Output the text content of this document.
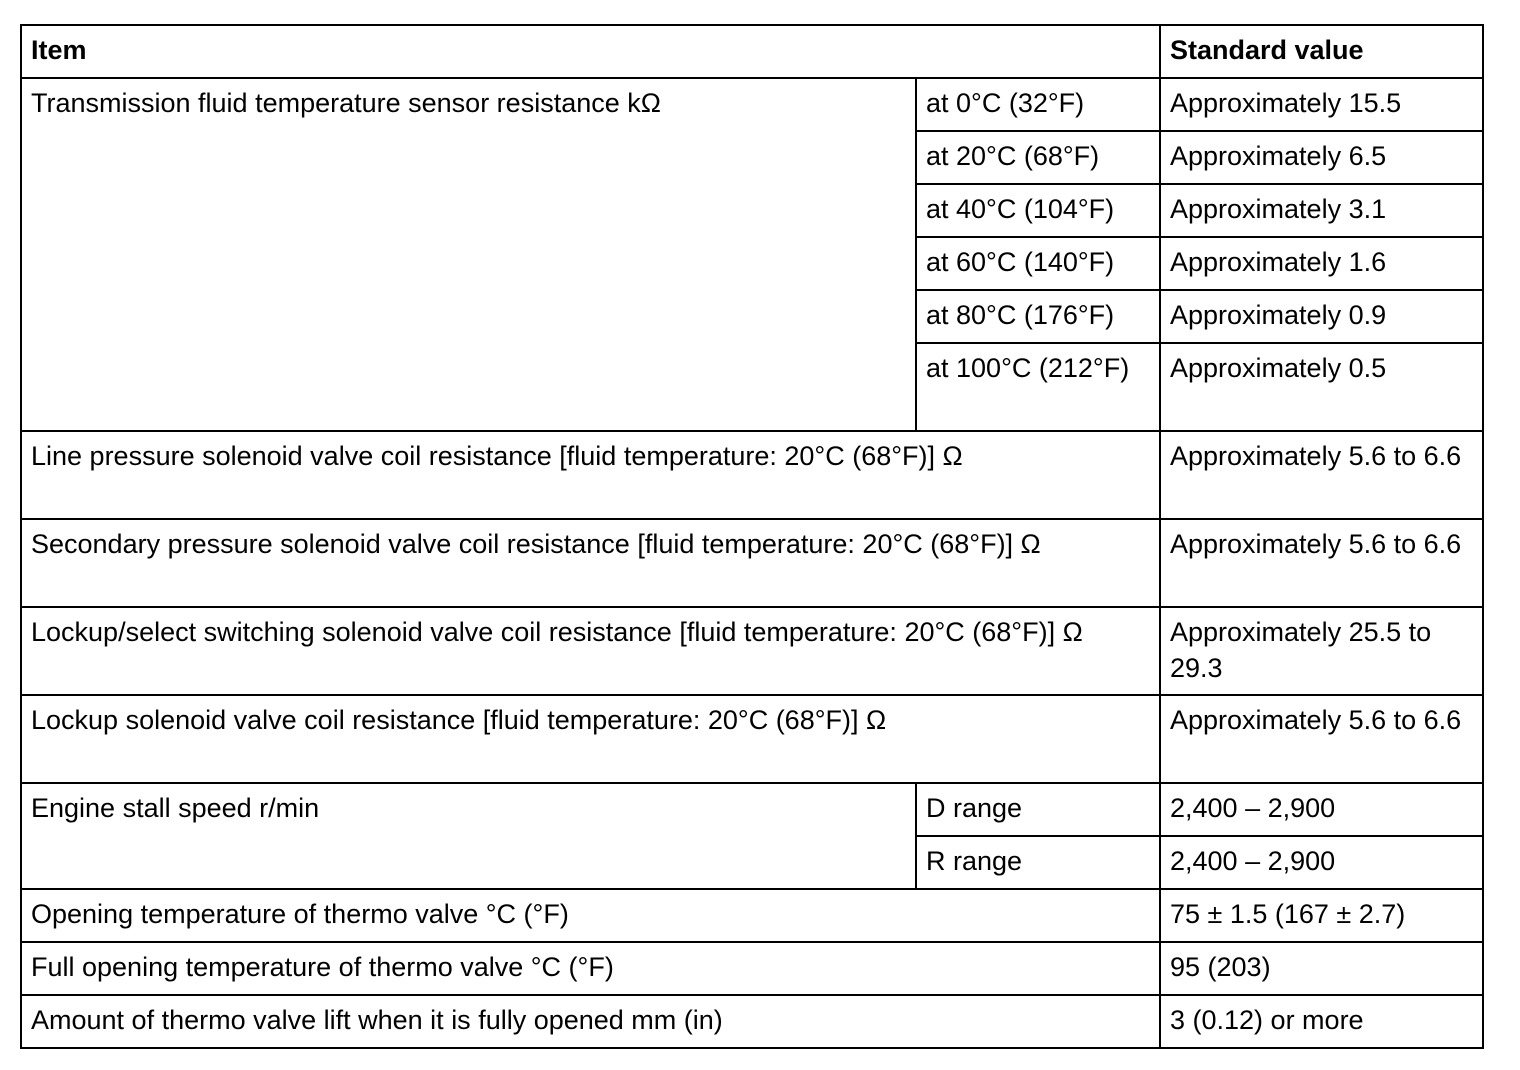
Item		Standard value
Transmission fluid temperature sensor resistance kΩ	at 0°C (32°F)	Approximately 15.5
	at 20°C (68°F)	Approximately 6.5
	at 40°C (104°F)	Approximately 3.1
	at 60°C (140°F)	Approximately 1.6
	at 80°C (176°F)	Approximately 0.9
	at 100°C (212°F)	Approximately 0.5
Line pressure solenoid valve coil resistance [fluid temperature: 20°C (68°F)] Ω		Approximately 5.6 to 6.6
Secondary pressure solenoid valve coil resistance [fluid temperature: 20°C (68°F)] Ω		Approximately 5.6 to 6.6
Lockup/select switching solenoid valve coil resistance [fluid temperature: 20°C (68°F)] Ω		Approximately 25.5 to 29.3
Lockup solenoid valve coil resistance [fluid temperature: 20°C (68°F)] Ω		Approximately 5.6 to 6.6
Engine stall speed r/min	D range	2,400 – 2,900
	R range	2,400 – 2,900
Opening temperature of thermo valve °C (°F)		75 ± 1.5 (167 ± 2.7)
Full opening temperature of thermo valve °C (°F)		95 (203)
Amount of thermo valve lift when it is fully opened mm (in)		3 (0.12) or more
